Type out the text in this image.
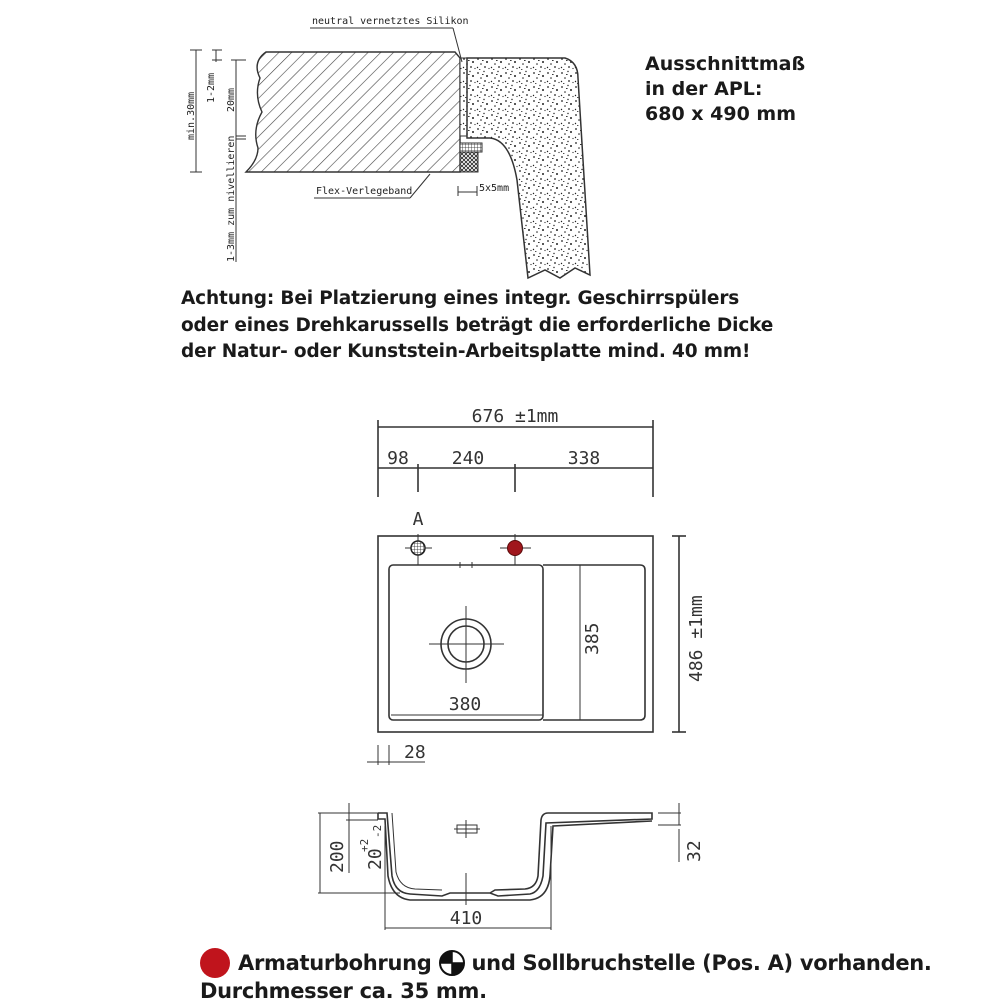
neutral vernetztes Silikon
Flex-Verlegeband	5x5mm
min.30mm
1-2mm 20mm
1-3mm zum nivellieren
676 ±1mm
98 240	338
A
385
380
486 ±1mm
28
200 20
+2
-2
32
410
Ausschnittmaß
in der APL:
680 x 490 mm
Achtung: Bei Platzierung eines integr. Geschirrspülers
oder eines Drehkarussells beträgt die erforderliche Dicke
der Natur- oder Kunststein-Arbeitsplatte mind. 40 mm!
Armaturbohrung und Sollbruchstelle (Pos. A) vorhanden.
Durchmesser ca. 35 mm.
